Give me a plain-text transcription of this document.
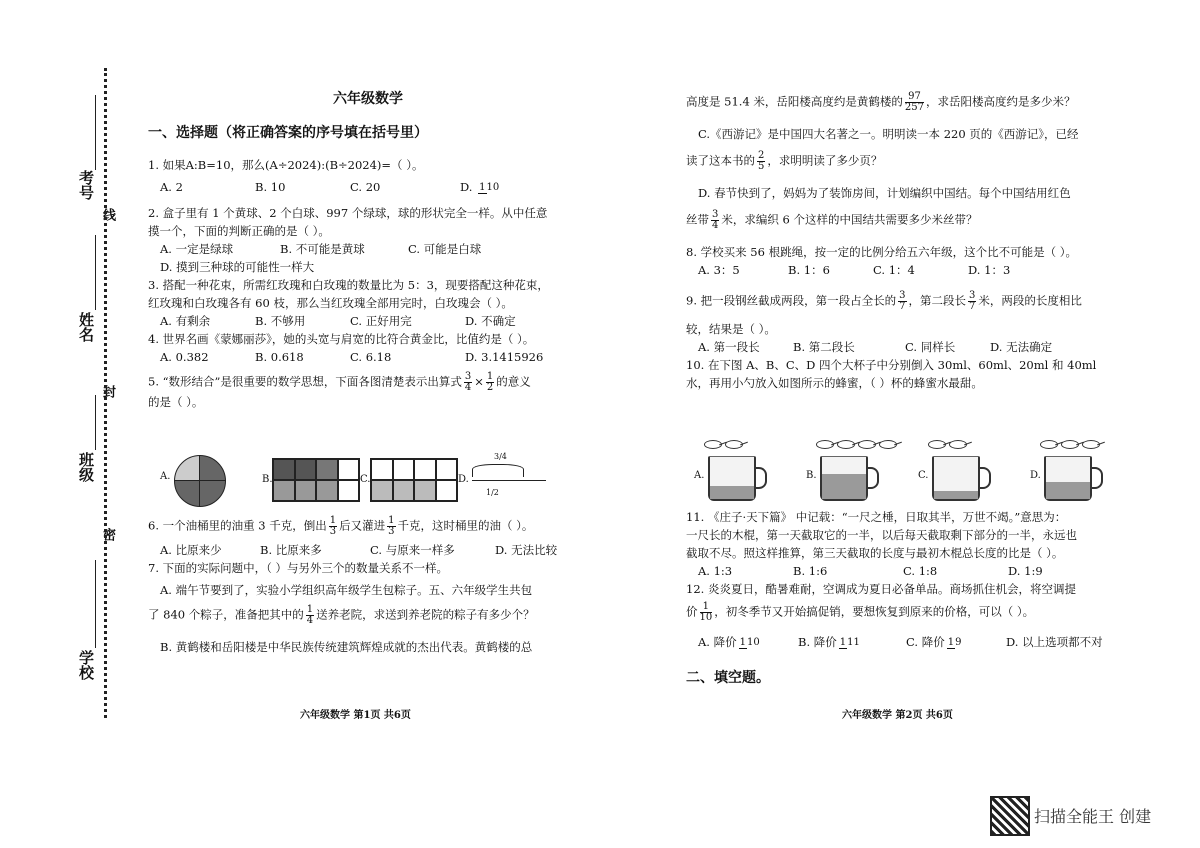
考号
线
姓名
封
班级
密
学校
六年级数学
一、选择题（将正确答案的序号填在括号里）
1. 如果A:B=10，那么(A÷2024):(B÷2024)=（ ）。
A. 2	B. 10	C. 20	D. 110
2. 盒子里有 1 个黄球、2 个白球、997 个绿球，球的形状完全一样。从中任意
摸一个，下面的判断正确的是（ ）。
A. 一定是绿球	B. 不可能是黄球	C. 可能是白球
D. 摸到三种球的可能性一样大
3. 搭配一种花束，所需红玫瑰和白玫瑰的数量比为 5：3，现要搭配这种花束，
红玫瑰和白玫瑰各有 60 枝，那么当红玫瑰全部用完时，白玫瑰会（ ）。
A. 有剩余	B. 不够用	C. 正好用完	D. 不确定
4. 世界名画《蒙娜丽莎》，她的头宽与肩宽的比符合黄金比，比值约是（ ）。
A. 0.382	B. 0.618	C. 6.18	D. 3.1415926
5. “数形结合”是很重要的数学思想，下面各图清楚表示出算式 $\frac{3}{4} \times \frac{1}{2}$ 的意义
的是（ ）。
A.	B.	C.	D.
3/4
1/2
6. 一个油桶里的油重 3 千克，倒出 $\frac{1}{3}$ 后又灌进 $\frac{1}{3}$ 千克，这时桶里的油（ ）。
A. 比原来少	B. 比原来多	C. 与原来一样多	D. 无法比较
7. 下面的实际问题中，（ ）与另外三个的数量关系不一样。
A. 端午节要到了，实验小学组织高年级学生包粽子。五、六年级学生共包
了 840 个粽子，准备把其中的 $\frac{1}{4}$ 送养老院，求送到养老院的粽子有多少个？
B. 黄鹤楼和岳阳楼是中华民族传统建筑辉煌成就的杰出代表。黄鹤楼的总
六年级数学 第1页 共6页
高度是 51.4 米，岳阳楼高度约是黄鹤楼的 $\frac{97}{257}$ ，求岳阳楼高度约是多少米？
C.《西游记》是中国四大名著之一。明明读一本 220 页的《西游记》，已经
读了这本书的 $\frac{2}{5}$ ，求明明读了多少页？
D. 春节快到了，妈妈为了装饰房间，计划编织中国结。每个中国结用红色
丝带 $\frac{3}{4}$ 米，求编织 6 个这样的中国结共需要多少米丝带？
8. 学校买来 56 根跳绳，按一定的比例分给五六年级，这个比不可能是（ ）。
A. 3：5	B. 1：6	C. 1：4	D. 1：3
9. 把一段钢丝截成两段，第一段占全长的 $\frac{3}{7}$ ，第二段长 $\frac{3}{7}$ 米，两段的长度相比
较，结果是（ ）。
A. 第一段长	B. 第二段长	C. 同样长	D. 无法确定
10. 在下图 A、B、C、D 四个大杯子中分别倒入 30ml、60ml、20ml 和 40ml
水，再用小勺放入如图所示的蜂蜜，（ ）杯的蜂蜜水最甜。
A.	B.	C.	D.
11. 《庄子·天下篇》 中记载：“一尺之棰，日取其半，万世不竭。”意思为：
一尺长的木棍，第一天截取它的一半，以后每天截取剩下部分的一半，永远也
截取不尽。照这样推算，第三天截取的长度与最初木棍总长度的比是（ ）。
A. 1:3	B. 1:6	C. 1:8	D. 1:9
12. 炎炎夏日，酷暑难耐，空调成为夏日必备单品。商场抓住机会，将空调提
价 $\frac{1}{10}$ ，初冬季节又开始搞促销，要想恢复到原来的价格，可以（ ）。
A. 降价 110	B. 降价 111	C. 降价 19	D. 以上选项都不对
二、填空题。
六年级数学 第2页 共6页
扫描全能王 创建
